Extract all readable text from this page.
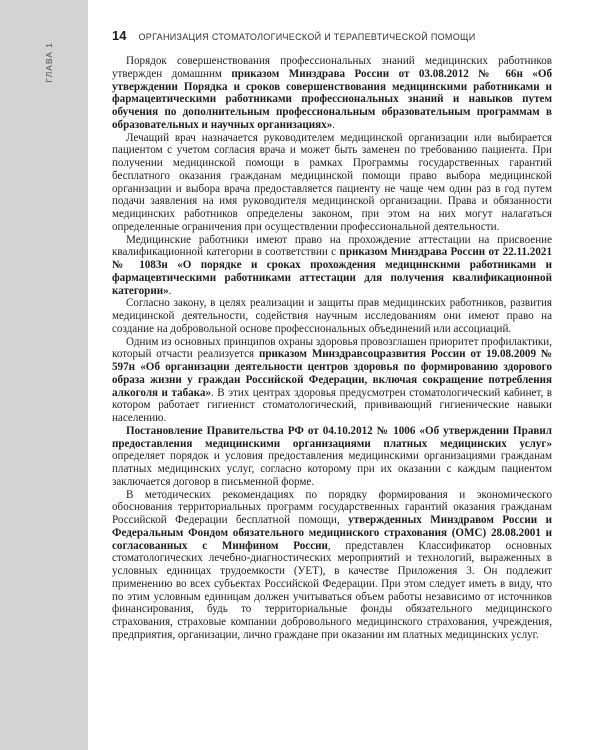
ГЛАВА 1
14 ОРГАНИЗАЦИЯ СТОМАТОЛОГИЧЕСКОЙ И ТЕРАПЕВТИЧЕСКОЙ ПОМОЩИ

Порядок совершенствования профессиональных знаний медицинских работников утвержден домашним приказом Минздрава России от 03.08.2012 № 66н «Об утверждении Порядка и сроков совершенствования медицинскими работниками и фармацевтическими работниками профессиональных знаний и навыков путем обучения по дополнительным профессиональным образовательным программам в образовательных и научных организациях».

Лечащий врач назначается руководителем медицинской организации или выбирается пациентом с учетом согласия врача и может быть заменен по требованию пациента. При получении медицинской помощи в рамках Программы государственных гарантий бесплатного оказания гражданам медицинской помощи право выбора медицинской организации и выбора врача предоставляется пациенту не чаще чем один раз в год путем подачи заявления на имя руководителя медицинской организации. Права и обязанности медицинских работников определены законом, при этом на них могут налагаться определенные ограничения при осуществлении профессиональной деятельности.

Медицинские работники имеют право на прохождение аттестации на присвоение квалификационной категории в соответствии с приказом Минздрава России от 22.11.2021 № 1083н «О порядке и сроках прохождения медицинскими работниками и фармацевтическими работниками аттестации для получения квалификационной категории».

Согласно закону, в целях реализации и защиты прав медицинских работников, развития медицинской деятельности, содействия научным исследованиям они имеют право на создание на добровольной основе профессиональных объединений или ассоциаций.

Одним из основных принципов охраны здоровья провозглашен приоритет профилактики, который отчасти реализуется приказом Минздравсоцразвития России от 19.08.2009 № 597н «Об организации деятельности центров здоровья по формированию здорового образа жизни у граждан Российской Федерации, включая сокращение потребления алкоголя и табака». В этих центрах здоровья предусмотрен стоматологический кабинет, в котором работает гигиенист стоматологический, прививающий гигиенические навыки населению.

Постановление Правительства РФ от 04.10.2012 № 1006 «Об утверждении Правил предоставления медицинскими организациями платных медицинских услуг» определяет порядок и условия предоставления медицинскими организациями гражданам платных медицинских услуг, согласно которому при их оказании с каждым пациентом заключается договор в письменной форме.

В методических рекомендациях по порядку формирования и экономического обоснования территориальных программ государственных гарантий оказания гражданам Российской Федерации бесплатной помощи, утвержденных Минздравом России и Федеральным Фондом обязательного медицинского страхования (ОМС) 28.08.2001 и согласованных с Минфином России, представлен Классификатор основных стоматологических лечебно-диагностических мероприятий и технологий, выраженных в условных единицах трудоемкости (УЕТ), в качестве Приложения 3. Он подлежит применению во всех субъектах Российской Федерации. При этом следует иметь в виду, что по этим условным единицам должен учитываться объем работы независимо от источников финансирования, будь то территориальные фонды обязательного медицинского страхования, страховые компании добровольного медицинского страхования, учреждения, предприятия, организации, лично граждане при оказании им платных медицинских услуг.
